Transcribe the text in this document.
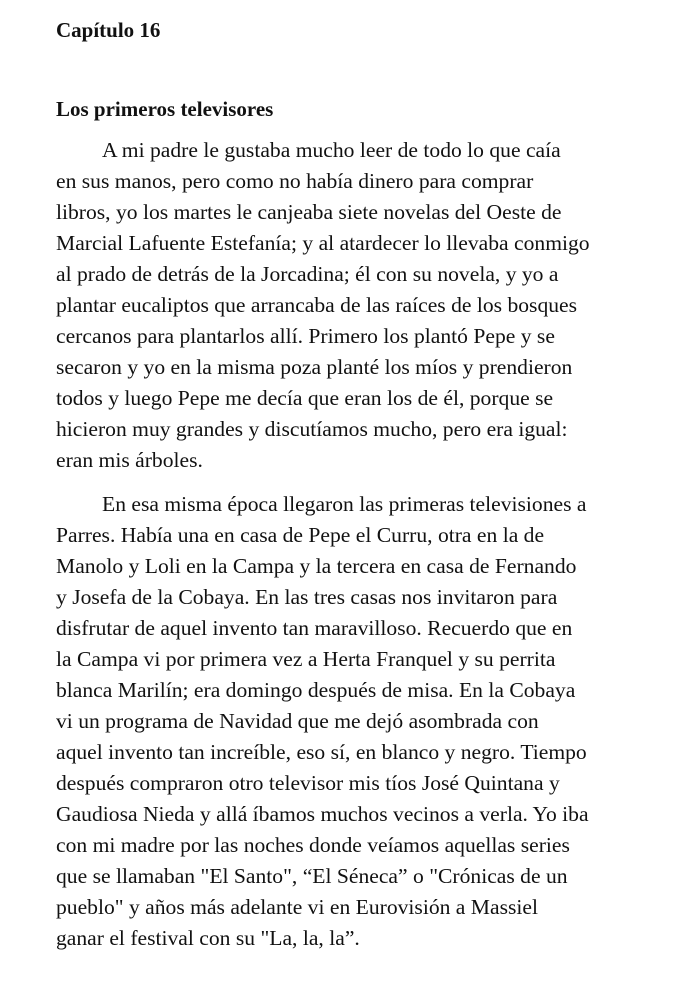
Capítulo 16
Los primeros televisores

A mi padre le gustaba mucho leer de todo lo que caía

en sus manos, pero como no había dinero para comprar

libros, yo los martes le canjeaba siete novelas del Oeste de

Marcial Lafuente Estefanía; y al atardecer lo llevaba conmigo

al prado de detrás de la Jorcadina; él con su novela, y yo a

plantar eucaliptos que arrancaba de las raíces de los bosques

cercanos para plantarlos allí. Primero los plantó Pepe y se

secaron y yo en la misma poza planté los míos y prendieron

todos y luego Pepe me decía que eran los de él, porque se

hicieron muy grandes y discutíamos mucho, pero era igual:

eran mis árboles.

En esa misma época llegaron las primeras televisiones a

Parres. Había una en casa de Pepe el Curru, otra en la de

Manolo y Loli en la Campa y la tercera en casa de Fernando

y Josefa de la Cobaya. En las tres casas nos invitaron para

disfrutar de aquel invento tan maravilloso. Recuerdo que en

la Campa vi por primera vez a Herta Franquel y su perrita

blanca Marilín; era domingo después de misa. En la Cobaya

vi un programa de Navidad que me dejó asombrada con

aquel invento tan increíble, eso sí, en blanco y negro. Tiempo

después compraron otro televisor mis tíos José Quintana y

Gaudiosa Nieda y allá íbamos muchos vecinos a verla. Yo iba

con mi madre por las noches donde veíamos aquellas series

que se llamaban "El Santo", “El Séneca” o "Crónicas de un

pueblo" y años más adelante vi en Eurovisión a Massiel

ganar el festival con su "La, la, la”.
